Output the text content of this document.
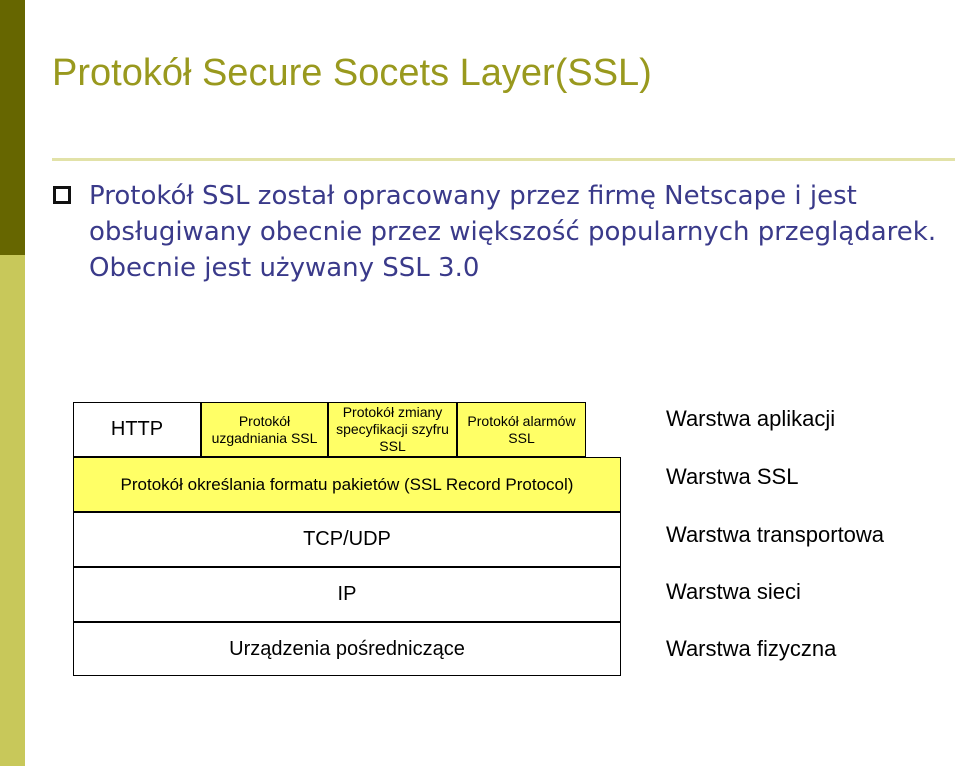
Protokół Secure Socets Layer(SSL)

Protokół SSL został opracowany przez firmę Netscape i jest obsługiwany obecnie przez większość popularnych przeglądarek. Obecnie jest używany SSL 3.0

HTTP	Protokół uzgadniania SSL
Protokół zmiany specyfikacji szyfru SSL
Protokół alarmów SSL
Protokół określania formatu pakietów (SSL Record Protocol)
TCP/UDP
IP
Urządzenia pośredniczące
Warstwa aplikacji
Warstwa SSL
Warstwa transportowa
Warstwa sieci
Warstwa fizyczna
